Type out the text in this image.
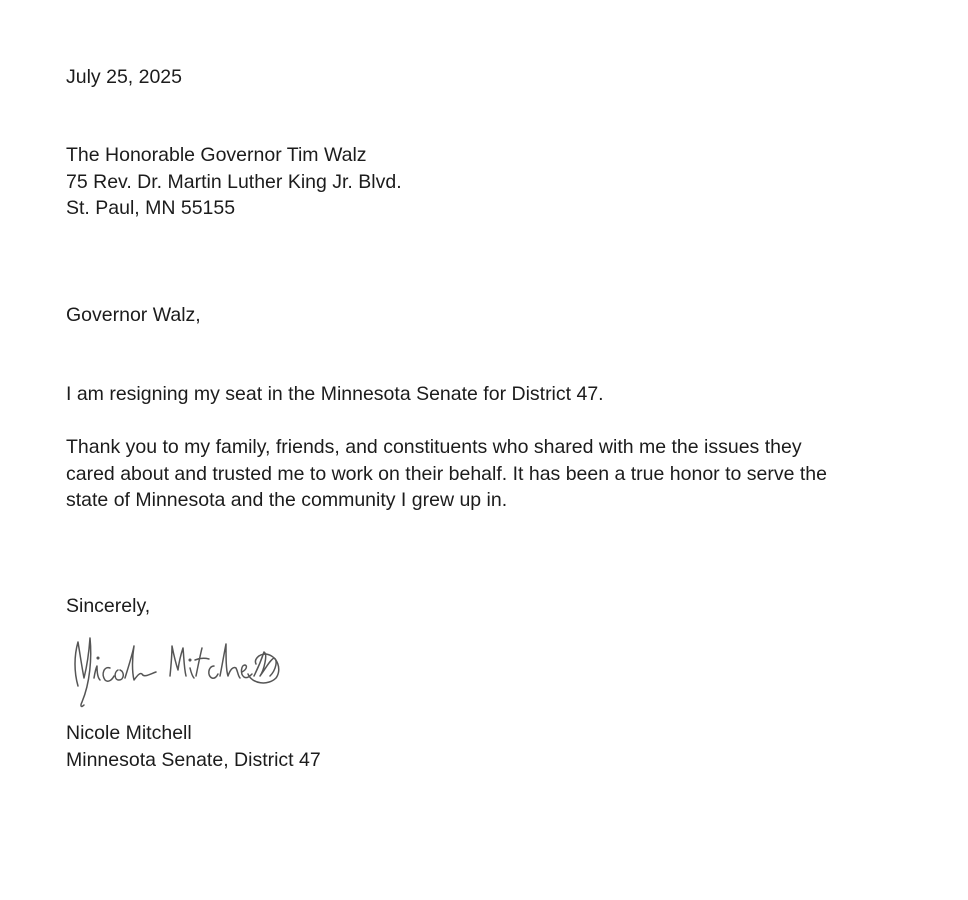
July 25, 2025
The Honorable Governor Tim Walz
75 Rev. Dr. Martin Luther King Jr. Blvd.
St. Paul, MN 55155
Governor Walz,
I am resigning my seat in the Minnesota Senate for District 47.
Thank you to my family, friends, and constituents who shared with me the issues they
cared about and trusted me to work on their behalf. It has been a true honor to serve the
state of Minnesota and the community I grew up in.
Sincerely,
Nicole Mitchell
Minnesota Senate, District 47
